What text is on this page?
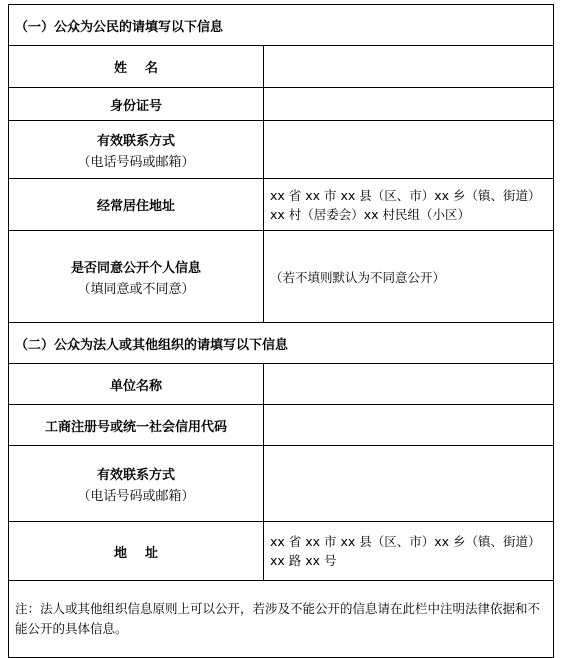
（一）公众为公民的请填写以下信息	
姓    名	
身份证号	
有效联系方式
（电话号码或邮箱）	

经常居住地址	xx 省 xx 市 xx 县（区、市）xx 乡（镇、街道）
xx 村（居委会）xx 村民组（小区）

是否同意公开个人信息
（填同意或不同意）	（若不填则默认为不同意公开）
（二）公众为法人或其他组织的请填写以下信息	
单位名称	
工商注册号或统一社会信用代码	
有效联系方式
（电话号码或邮箱）	

地    址	xx 省 xx 市 xx 县（区、市）xx 乡（镇、街道）
xx 路 xx 号

注：法人或其他组织信息原则上可以公开，若涉及不能公开的信息请在此栏中注明法律依据和不能公开的具体信息。	
